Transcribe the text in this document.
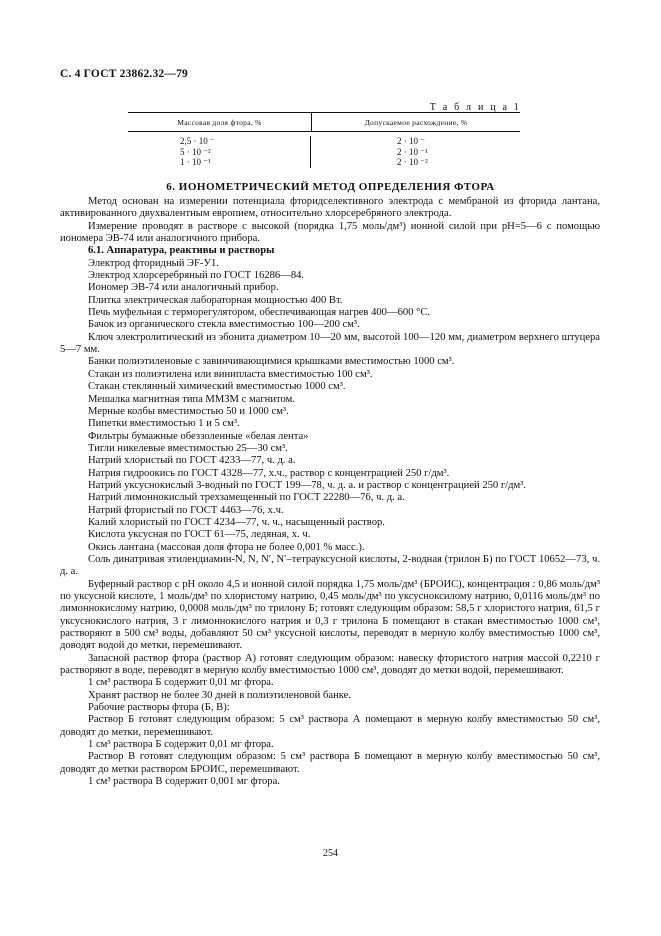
С. 4 ГОСТ 23862.32—79
Т а б л и ц а 1
Массовая доля фтора, %	Допускаемое расхождение, %
2,5 · 10 ⁻
5 · 10 ⁻²
1 · 10 ⁻¹
2 · 10 ⁻
2 · 10 ⁻¹
2 · 10 ⁻²
6. ИОНОМЕТРИЧЕСКИЙ МЕТОД ОПРЕДЕЛЕНИЯ ФТОРА

Метод основан на измерении потенциала фторидселективного электрода с мембраной из фторида лантана, активированного двухвалентным европием, относительно хлорсеребряного электрода.

Измерение проводят в растворе с высокой (порядка 1,75 моль/дм³) ионной силой при рН=5—6 с помощью иономера ЭВ-74 или аналогичного прибора.

6.1. Аппаратура, реактивы и растворы

Электрод фторидный ЭF-У1.

Электрод хлорсеребряный по ГОСТ 16286—84.

Иономер ЭВ-74 или аналогичный прибор.

Плитка электрическая лабораторная мощностью 400 Вт.

Печь муфельная с терморегулятором, обеспечивающая нагрев 400—600 °С.

Бачок из органического стекла вместимостью 100—200 см³.

Ключ электролитический из эбонита диаметром 10—20 мм, высотой 100—120 мм, диаметром верхнего штуцера 5—7 мм.

Банки полиэтиленовые с завинчивающимися крышками вместимостью 1000 см³.

Стакан из полиэтилена или винипласта вместимостью 100 см³.

Стакан стеклянный химический вместимостью 1000 см³.

Мешалка магнитная типа ММЗМ с магнитом.

Мерные колбы вместимостью 50 и 1000 см³.

Пипетки вместимостью 1 и 5 см³.

Фильтры бумажные обеззоленные «белая лента»

Тигли никелевые вместимостью 25—30 см³.

Натрий хлористый по ГОСТ 4233—77, ч. д. а.

Натрия гидроокись по ГОСТ 4328—77, х.ч., раствор с концентрацией 250 г/дм³.

Натрий уксуснокислый 3-водный по ГОСТ 199—78, ч. д. а. и раствор с концентрацией 250 г/дм³.

Натрий лимоннокислый трехзамещенный по ГОСТ 22280—76, ч. д. а.

Натрий фтористый по ГОСТ 4463—76, х.ч.

Калий хлористый по ГОСТ 4234—77, ч. ч., насыщенный раствор.

Кислота уксусная по ГОСТ 61—75, ледяная, х. ч.

Окись лантана (массовая доля фтора не более 0,001 % масс.).

Соль динатривая этилендиамин-N, N, N′, N′–тетрауксусной кислоты, 2-водная (трилон Б) по ГОСТ 10652—73, ч. д. а.

Буферный раствор с рН около 4,5 и ионной силой порядка 1,75 моль/дм³ (БРОИС), концентрация : 0,86 моль/дм³ по уксусной кислоте, 1 моль/дм³ по хлористому натрию, 0,45 моль/дм³ по уксусноксилому натрию, 0,0116 моль/дм³ по лимоннокислому натрию, 0,0008 моль/дм³ по трилону Б; готовят следующим образом: 58,5 г хлористого натрия, 61,5 г уксуснокислого натрия, 3 г лимоннокислого натрия и 0,3 г трилона Б помещают в стакан вместимостью 1000 см³, растворяют в 500 см³ воды, добавляют 50 см³ уксусной кислоты, переводят в мерную колбу вместимостью 1000 см³, доводят водой до метки, перемешивают.

Запасной раствор фтора (раствор А) готовят следующим образом: навеску фтористого натрия массой 0,2210 г растворяют в воде, переводят в мерную колбу вместимостью 1000 см³, доводят до метки водой, перемешивают.

1 см³ раствора Б содержит 0,01 мг фтора.

Хранят раствор не более 30 дней в полиэтиленовой банке.

Рабочие растворы фтора (Б, В):

Раствор Б готовят следующим образом: 5 см³ раствора А помещают в мерную колбу вместимостью 50 см³, доводят до метки, перемешивают.

1 см³ раствора Б содержит 0,01 мг фтора.

Раствор В готовят следующим образом: 5 см³ раствора Б помещают в мерную колбу вместимостью 50 см³, доводят до метки раствором БРОИС, перемешивают.

1 см³ раствора В содержит 0,001 мг фтора.

254
